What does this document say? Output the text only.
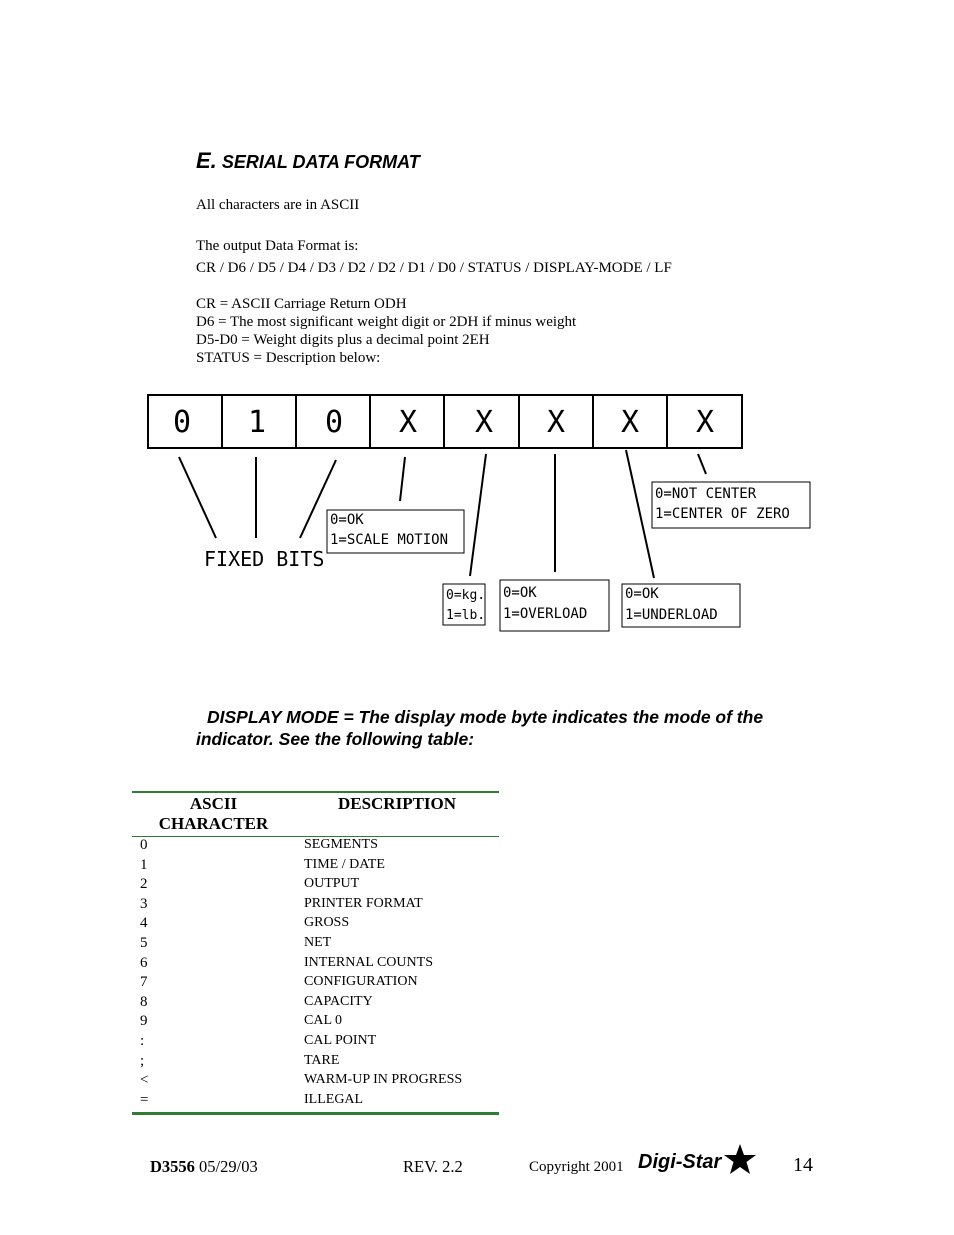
E. SERIAL DATA FORMAT
All characters are in ASCII
The output Data Format is:
CR / D6 / D5 / D4 / D3 / D2 / D2 / D1 / D0 / STATUS / DISPLAY-MODE / LF
CR = ASCII Carriage Return ODH
D6 = The most significant weight digit or 2DH if minus weight
D5-D0 = Weight digits plus a decimal point 2EH
STATUS = Description below:
0 1 0 X X X X X
FIXED BITS
0=OK
1=SCALE MOTION
0=kg.
1=lb.
0=OK
1=OVERLOAD
0=OK
1=UNDERLOAD
0=NOT CENTER
1=CENTER OF ZERO
DISPLAY MODE = The display mode byte indicates the mode of the
indicator. See the following table:
ASCII
CHARACTER
DESCRIPTION
0	SEGMENTS
1	TIME / DATE
2	OUTPUT
3	PRINTER FORMAT
4	GROSS
5	NET
6	INTERNAL COUNTS
7	CONFIGURATION
8	CAPACITY
9	CAL 0
:	CAL POINT
;	TARE
<	WARM-UP IN PROGRESS
=	ILLEGAL
D3556 05/29/03	REV. 2.2	Copyright 2001 Digi-Star	14
